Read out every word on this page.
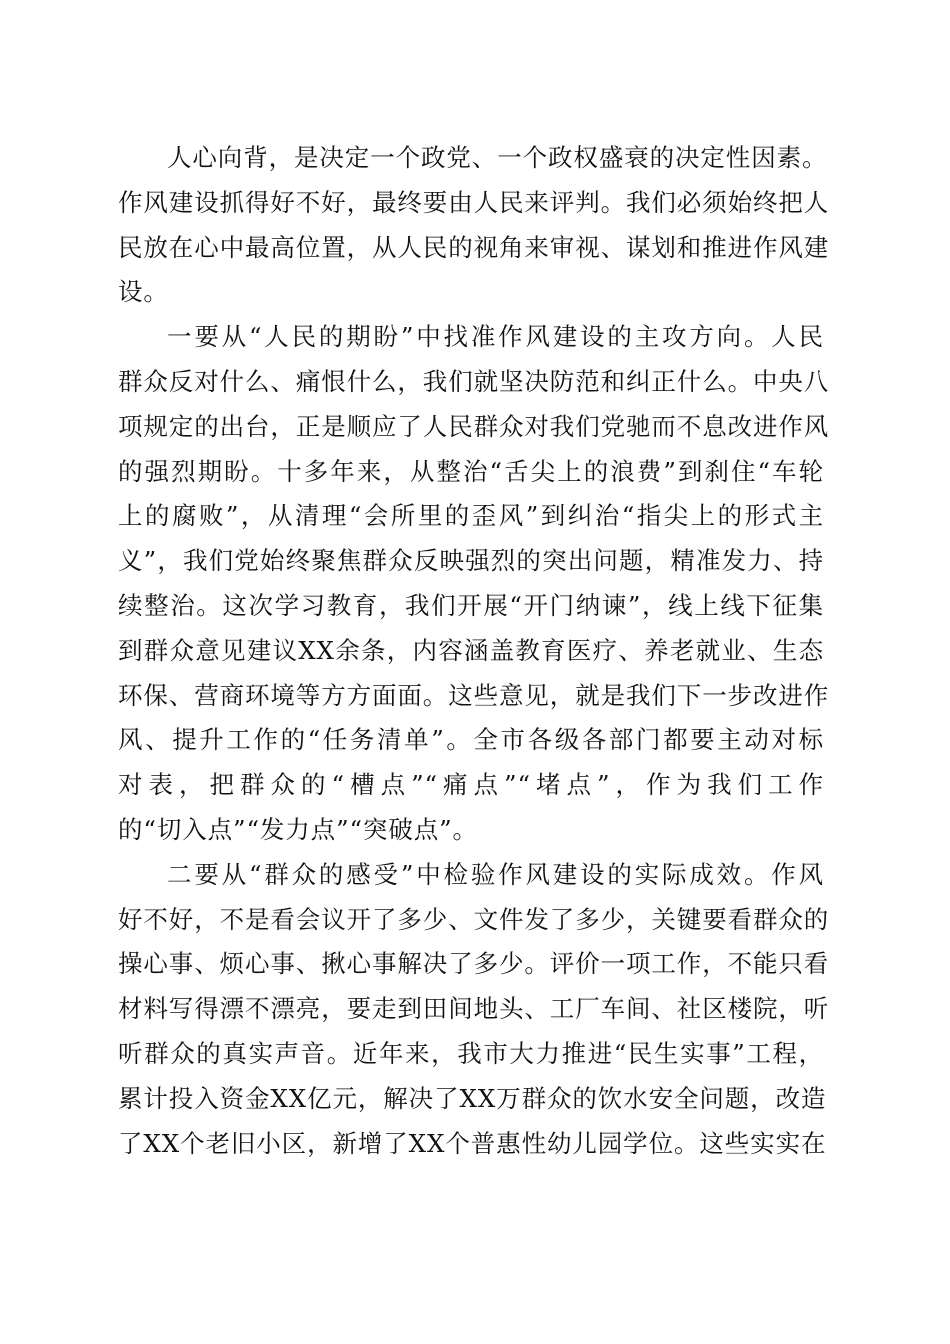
人心向背，是决定一个政党、一个政权盛衰的决定性因素。
作风建设抓得好不好，最终要由人民来评判。我们必须始终把人
民放在心中最高位置，从人民的视角来审视、谋划和推进作风建
设。
一要从“人民的期盼”中找准作风建设的主攻方向。人民
群众反对什么、痛恨什么，我们就坚决防范和纠正什么。中央八
项规定的出台，正是顺应了人民群众对我们党驰而不息改进作风
的强烈期盼。十多年来，从整治“舌尖上的浪费”到刹住“车轮
上的腐败”，从清理“会所里的歪风”到纠治“指尖上的形式主
义”，我们党始终聚焦群众反映强烈的突出问题，精准发力、持
续整治。这次学习教育，我们开展“开门纳谏”，线上线下征集
到群众意见建议XX余条，内容涵盖教育医疗、养老就业、生态
环保、营商环境等方方面面。这些意见，就是我们下一步改进作
风、提升工作的“任务清单”。全市各级各部门都要主动对标
对表，把群众的“槽点”“痛点”“堵点”，作为我们工作
的“切入点”“发力点”“突破点”。
二要从“群众的感受”中检验作风建设的实际成效。作风
好不好，不是看会议开了多少、文件发了多少，关键要看群众的
操心事、烦心事、揪心事解决了多少。评价一项工作，不能只看
材料写得漂不漂亮，要走到田间地头、工厂车间、社区楼院，听
听群众的真实声音。近年来，我市大力推进“民生实事”工程，
累计投入资金XX亿元，解决了XX万群众的饮水安全问题，改造
了XX个老旧小区，新增了XX个普惠性幼儿园学位。这些实实在
